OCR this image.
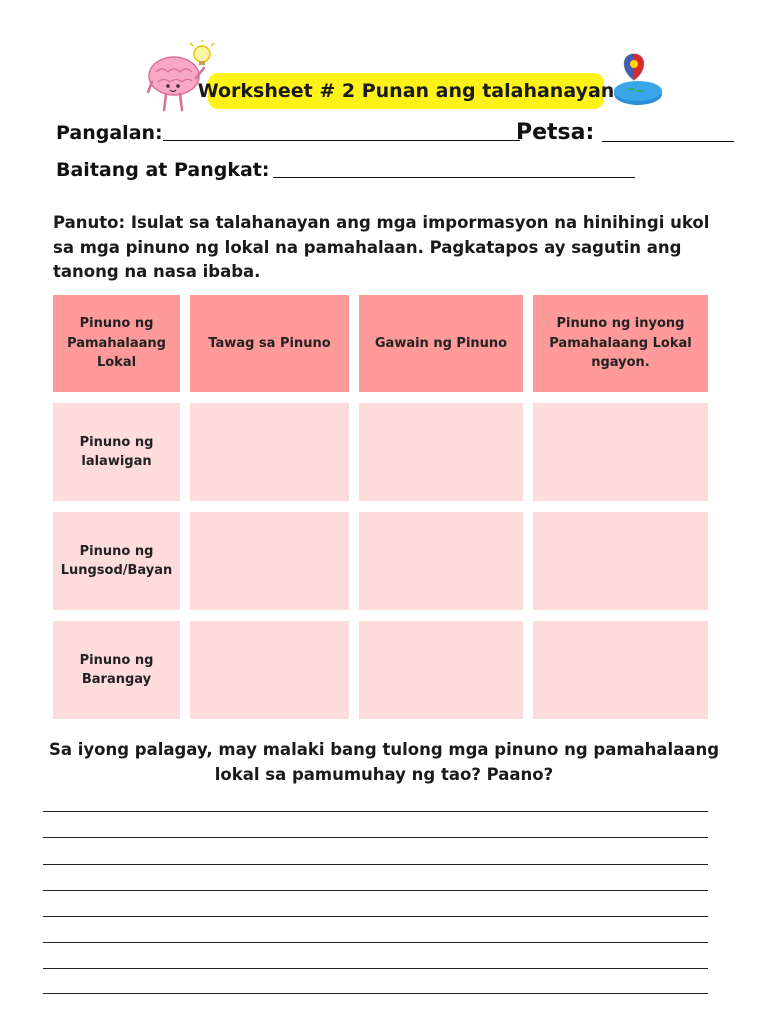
Worksheet # 2 Punan ang talahanayan
Pangalan:	Petsa:
Baitang at Pangkat:
Panuto: Isulat sa talahanayan ang mga impormasyon na hinihingi ukol sa mga pinuno ng lokal na pamahalaan. Pagkatapos ay sagutin ang tanong na nasa ibaba.
Pinuno ng Pamahalaang Lokal
Tawag sa Pinuno	Gawain ng Pinuno
Pinuno ng inyong Pamahalaang Lokal ngayon.
Pinuno ng lalawigan
Pinuno ng Lungsod/Bayan
Pinuno ng Barangay
Sa iyong palagay, may malaki bang tulong mga pinuno ng pamahalaang lokal sa pamumuhay ng tao? Paano?
